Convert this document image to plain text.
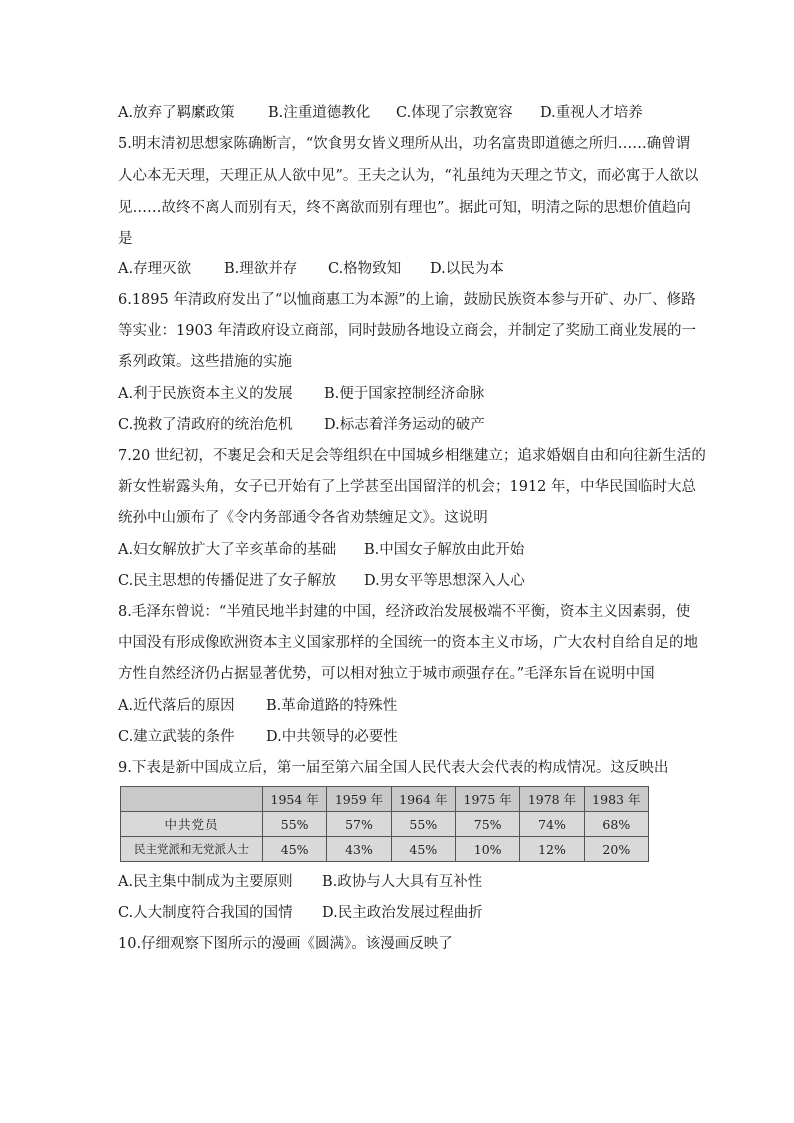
A.放弃了羁縻政策 B.注重道德教化 C.体现了宗教宽容 D.重视人才培养
5.明末清初思想家陈确断言，“饮食男女皆义理所从出，功名富贵即道德之所归……确曾谓
人心本无天理，天理正从人欲中见”。王夫之认为，“礼虽纯为天理之节文，而必寓于人欲以
见……故终不离人而别有天，终不离欲而别有理也”。据此可知，明清之际的思想价值趋向
是
A.存理灭欲 B.理欲并存 C.格物致知 D.以民为本
6.1895 年清政府发出了“以恤商惠工为本源”的上谕，鼓励民族资本参与开矿、办厂、修路
等实业：1903 年清政府设立商部，同时鼓励各地设立商会，并制定了奖励工商业发展的一
系列政策。这些措施的实施
A.利于民族资本主义的发展 B.便于国家控制经济命脉
C.挽救了清政府的统治危机 D.标志着洋务运动的破产
7.20 世纪初，不裹足会和天足会等组织在中国城乡相继建立；追求婚姻自由和向往新生活的
新女性崭露头角，女子已开始有了上学甚至出国留洋的机会；1912 年，中华民国临时大总
统孙中山颁布了《令内务部通令各省劝禁缠足文》。这说明
A.妇女解放扩大了辛亥革命的基础 B.中国女子解放由此开始
C.民主思想的传播促进了女子解放 D.男女平等思想深入人心
8.毛泽东曾说：“半殖民地半封建的中国，经济政治发展极端不平衡，资本主义因素弱，使
中国没有形成像欧洲资本主义国家那样的全国统一的资本主义市场，广大农村自给自足的地
方性自然经济仍占据显著优势，可以相对独立于城市顽强存在。”毛泽东旨在说明中国
A.近代落后的原因 B.革命道路的特殊性
C.建立武装的条件 D.中共领导的必要性
9.下表是新中国成立后，第一届至第六届全国人民代表大会代表的构成情况。这反映出
	1954 年	1959 年	1964 年	1975 年	1978 年	1983 年
中共党员	55%	57%	55%	75%	74%	68%
民主党派和无党派人士	45%	43%	45%	10%	12%	20%
A.民主集中制成为主要原则 B.政协与人大具有互补性
C.人大制度符合我国的国情 D.民主政治发展过程曲折
10.仔细观察下图所示的漫画《圆满》。该漫画反映了
